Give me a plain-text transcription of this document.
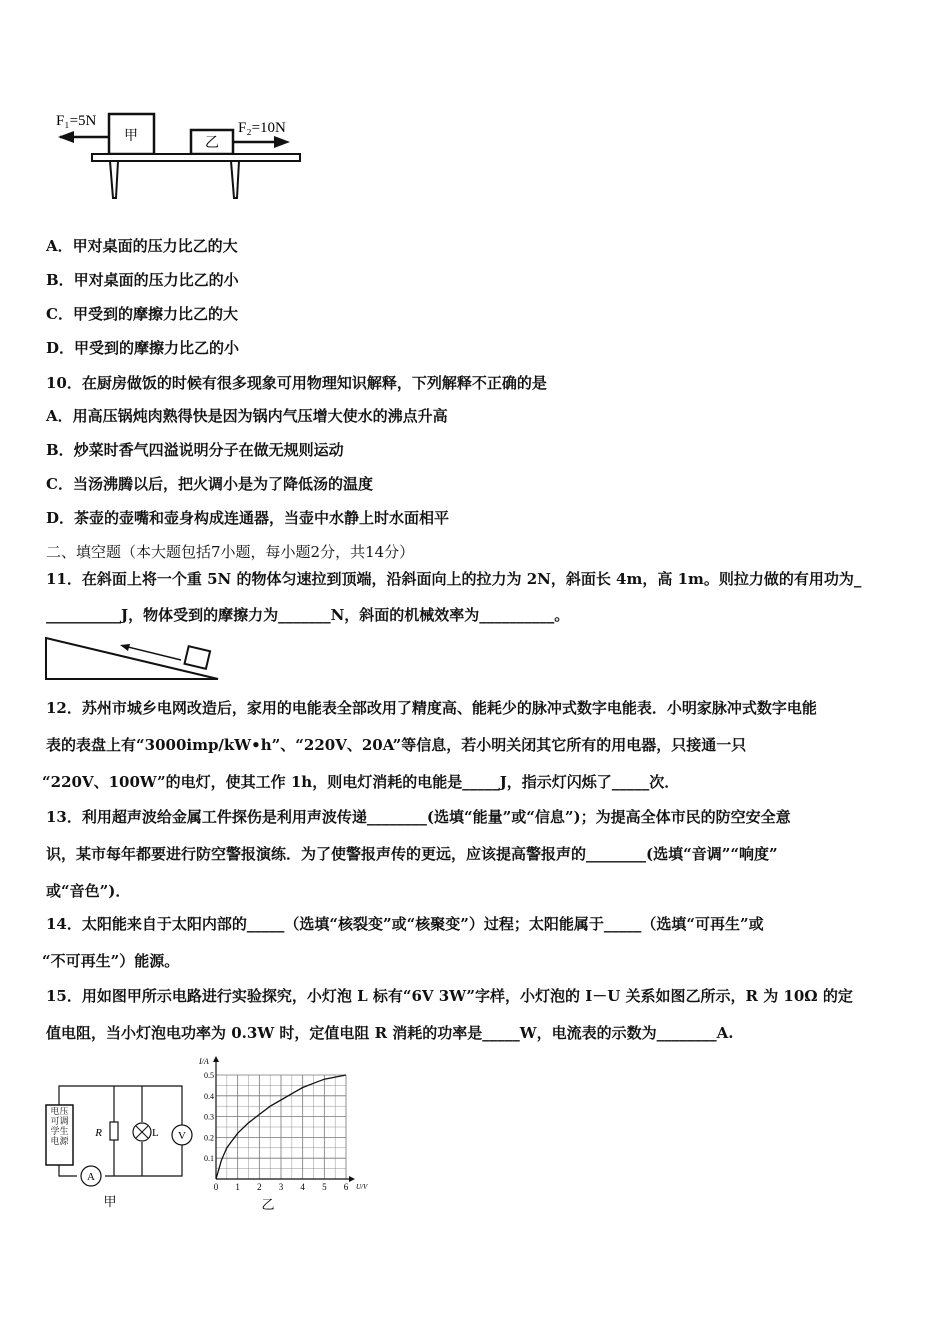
F₁=5N
甲	乙
F₂=10N
A．甲对桌面的压力比乙的大
B．甲对桌面的压力比乙的小
C．甲受到的摩擦力比乙的大
D．甲受到的摩擦力比乙的小
10．在厨房做饭的时候有很多现象可用物理知识解释，下列解释不正确的是
A．用高压锅炖肉熟得快是因为锅内气压增大使水的沸点升高
B．炒菜时香气四溢说明分子在做无规则运动
C．当汤沸腾以后，把火调小是为了降低汤的温度
D．茶壶的壶嘴和壶身构成连通器，当壶中水静上时水面相平
二、填空题（本大题包括7小题，每小题2分，共14分）
11．在斜面上将一个重 5N 的物体匀速拉到顶端，沿斜面向上的拉力为 2N，斜面长 4m，高 1m。则拉力做的有用功为_
__________J，物体受到的摩擦力为_______N，斜面的机械效率为__________。
12．苏州市城乡电网改造后，家用的电能表全部改用了精度高、能耗少的脉冲式数字电能表．小明家脉冲式数字电能
表的表盘上有“3000imp/kW•h”、“220V、20A”等信息，若小明关闭其它所有的用电器，只接通一只
“220V、100W”的电灯，使其工作 1h，则电灯消耗的电能是_____J，指示灯闪烁了_____次．
13．利用超声波给金属工件探伤是利用声波传递________(选填“能量”或“信息”)；为提高全体市民的防空安全意
识，某市每年都要进行防空警报演练．为了使警报声传的更远，应该提高警报声的________(选填“音调”“响度”
或“音色”)．
14．太阳能来自于太阳内部的_____（选填“核裂变”或“核聚变”）过程；太阳能属于_____（选填“可再生”或
“不可再生”）能源。
15．用如图甲所示电路进行实验探究，小灯泡 L 标有“6V 3W”字样，小灯泡的 I－U 关系如图乙所示，R 为 10Ω 的定
值电阻，当小灯泡电功率为 0.3W 时，定值电阻 R 消耗的功率是_____W，电流表的示数为________A.
电压可调学生电源
R	L V
A
甲
I/A
U/V
0 1 2 3 4 5 6
0.1
0.2
0.3
0.4
0.5
乙
